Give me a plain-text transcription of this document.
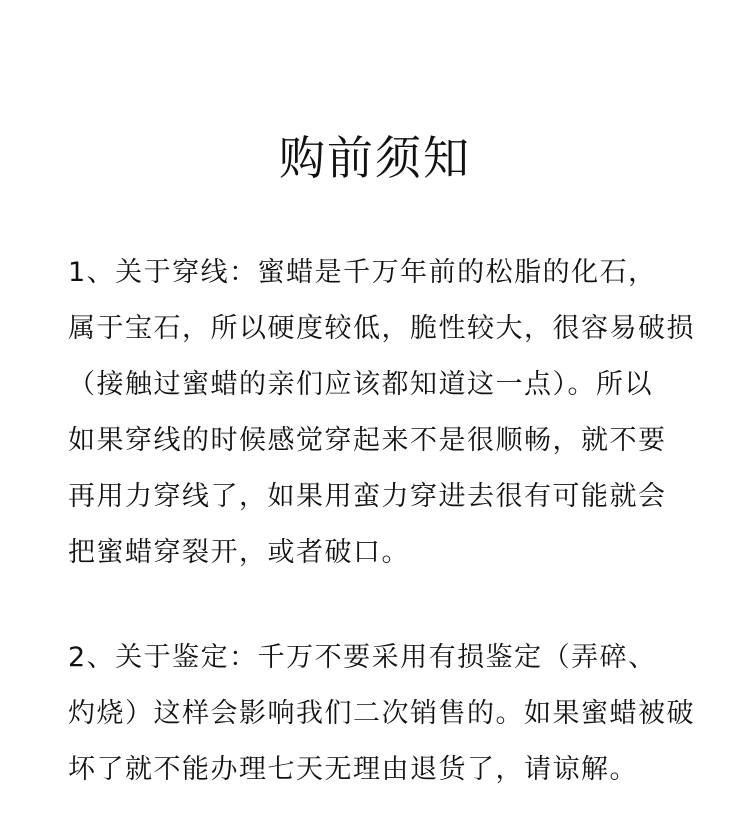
购前须知
1、关于穿线：蜜蜡是千万年前的松脂的化石，
属于宝石，所以硬度较低，脆性较大，很容易破损
（接触过蜜蜡的亲们应该都知道这一点）。所以
如果穿线的时候感觉穿起来不是很顺畅，就不要
再用力穿线了，如果用蛮力穿进去很有可能就会
把蜜蜡穿裂开，或者破口。
2、关于鉴定：千万不要采用有损鉴定（弄碎、
灼烧）这样会影响我们二次销售的。如果蜜蜡被破
坏了就不能办理七天无理由退货了，请谅解。
